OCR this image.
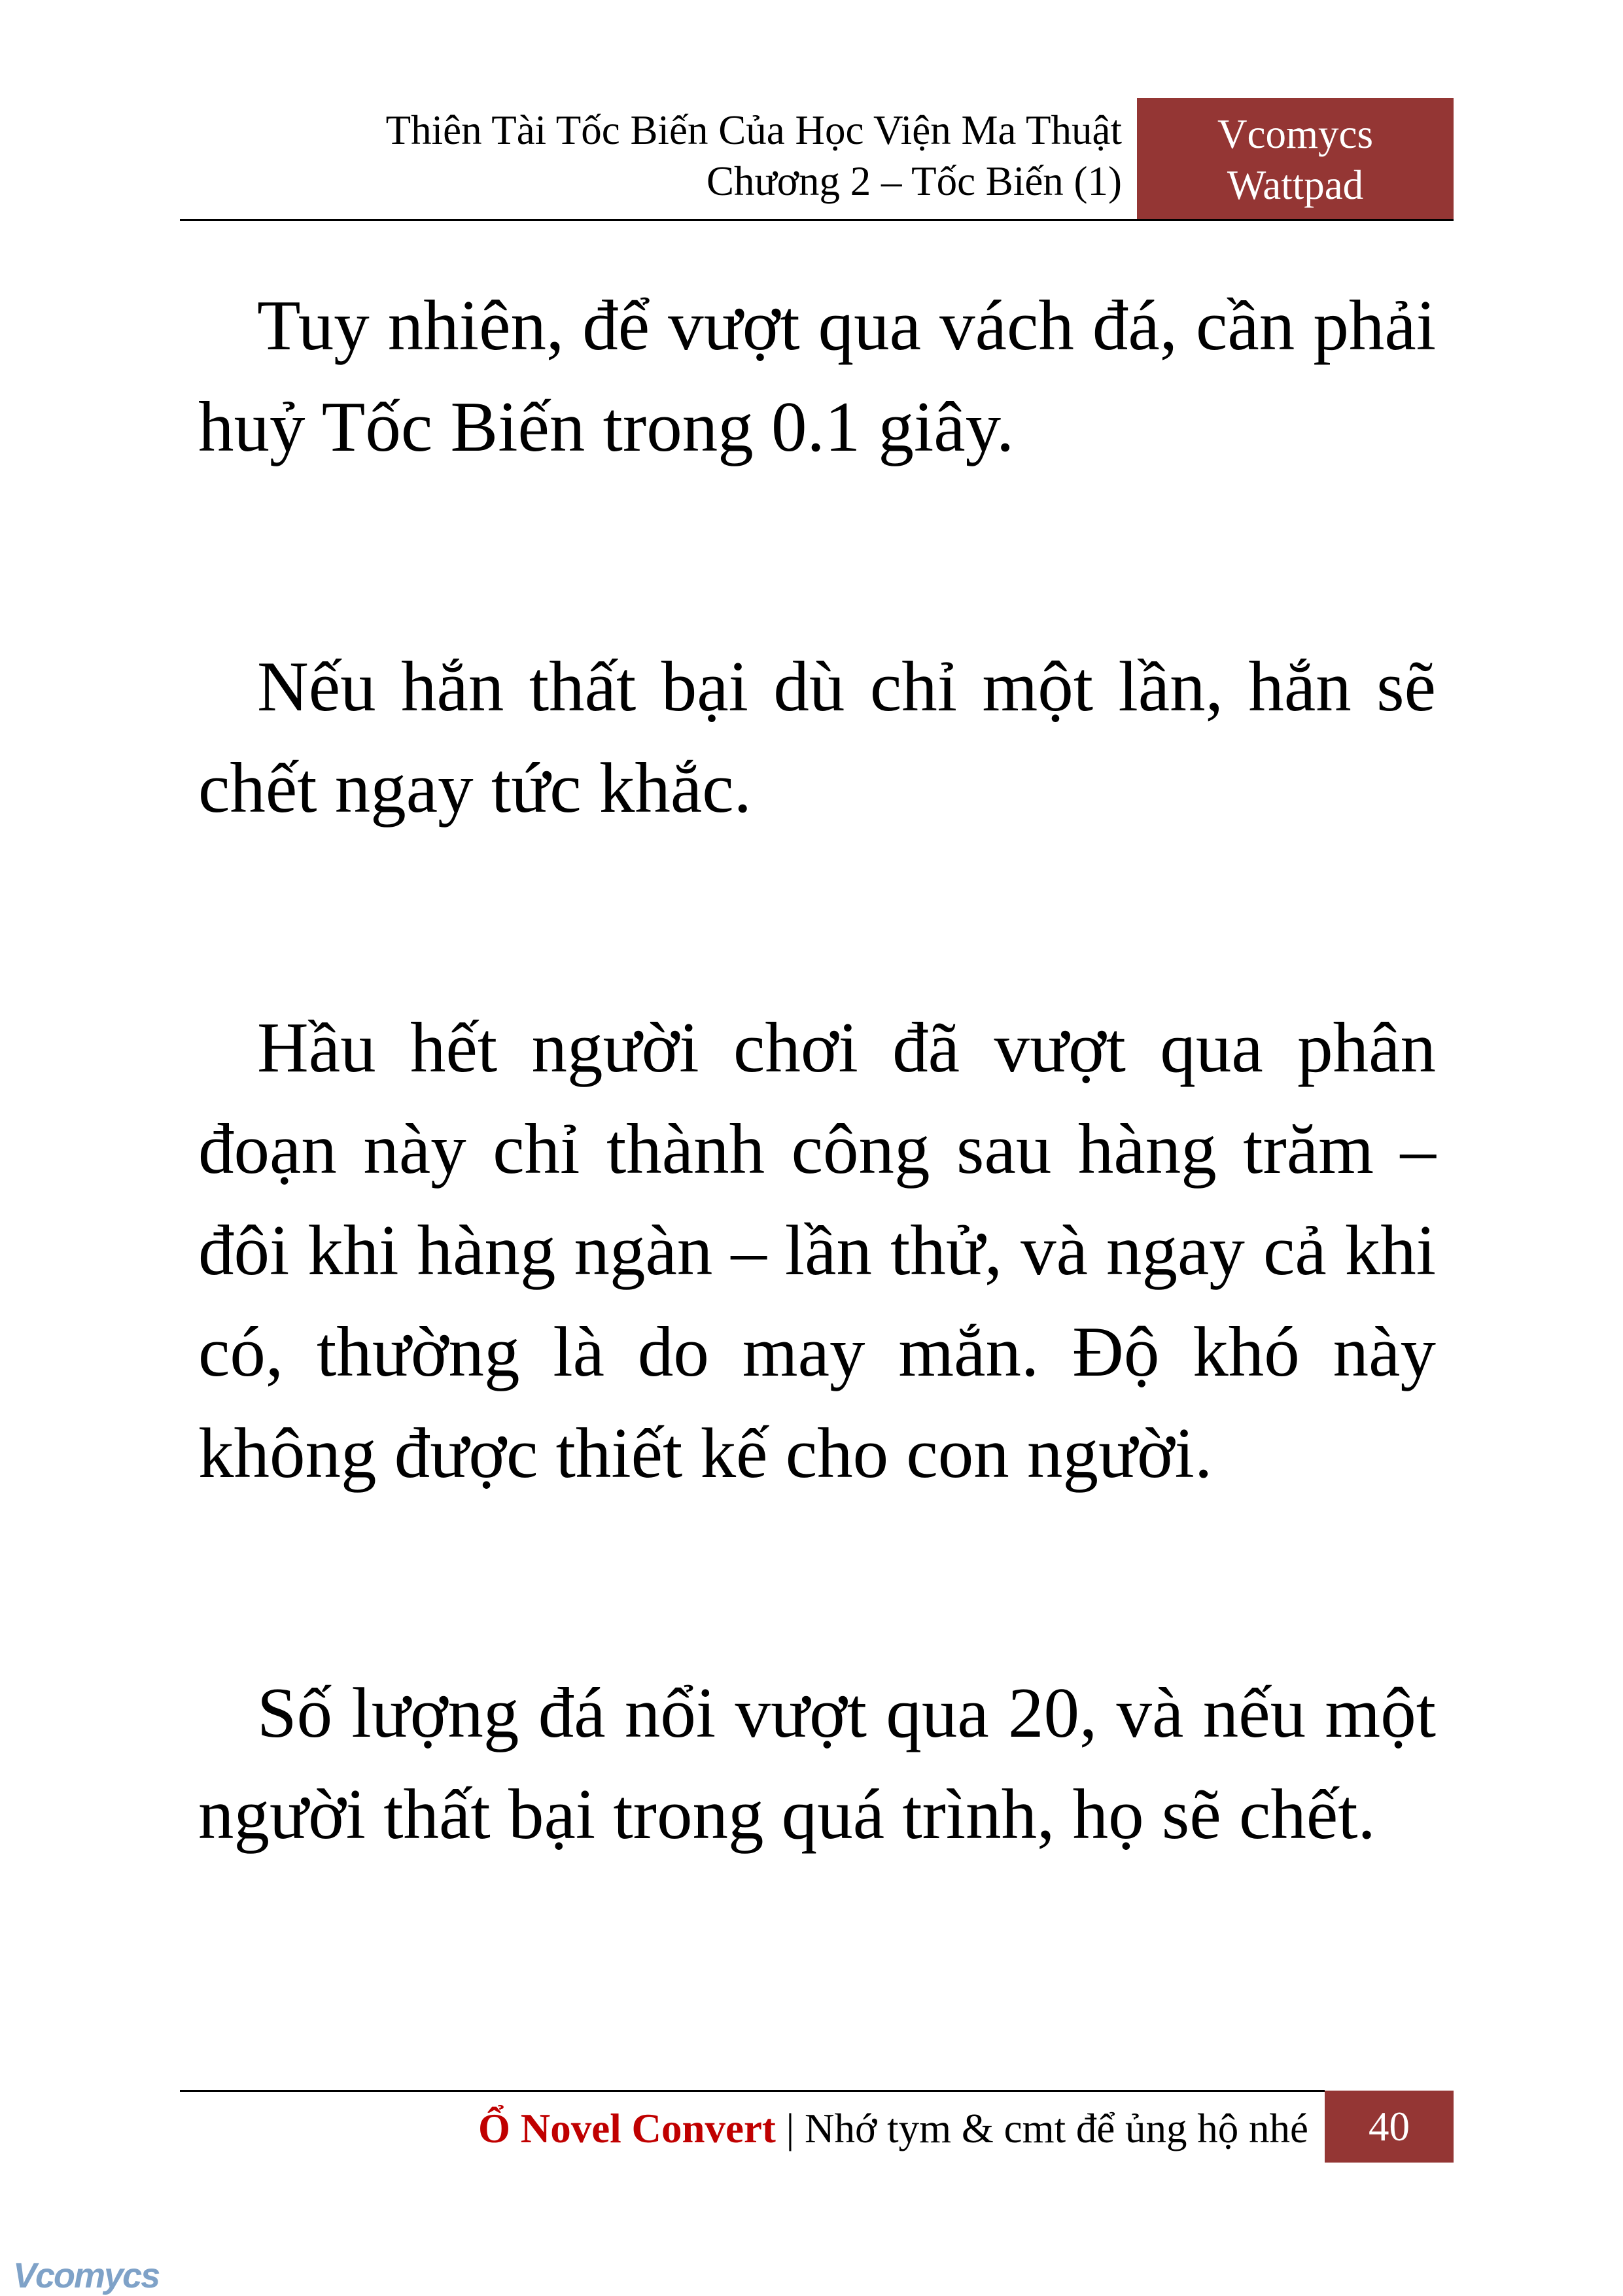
Thiên Tài Tốc Biến Của Học Viện Ma Thuật
Chương 2 – Tốc Biến (1)
Vcomycs
Wattpad

Tuy nhiên, để vượt qua vách đá, cần phải huỷ Tốc Biến trong 0.1 giây.

Nếu hắn thất bại dù chỉ một lần, hắn sẽ chết ngay tức khắc.

Hầu hết người chơi đã vượt qua phân đoạn này chỉ thành công sau hàng trăm – đôi khi hàng ngàn – lần thử, và ngay cả khi có, thường là do may mắn. Độ khó này không được thiết kế cho con người.

Số lượng đá nổi vượt qua 20, và nếu một người thất bại trong quá trình, họ sẽ chết.

Ổ Novel Convert | Nhớ tym & cmt để ủng hộ nhé	40
Vcomycs
